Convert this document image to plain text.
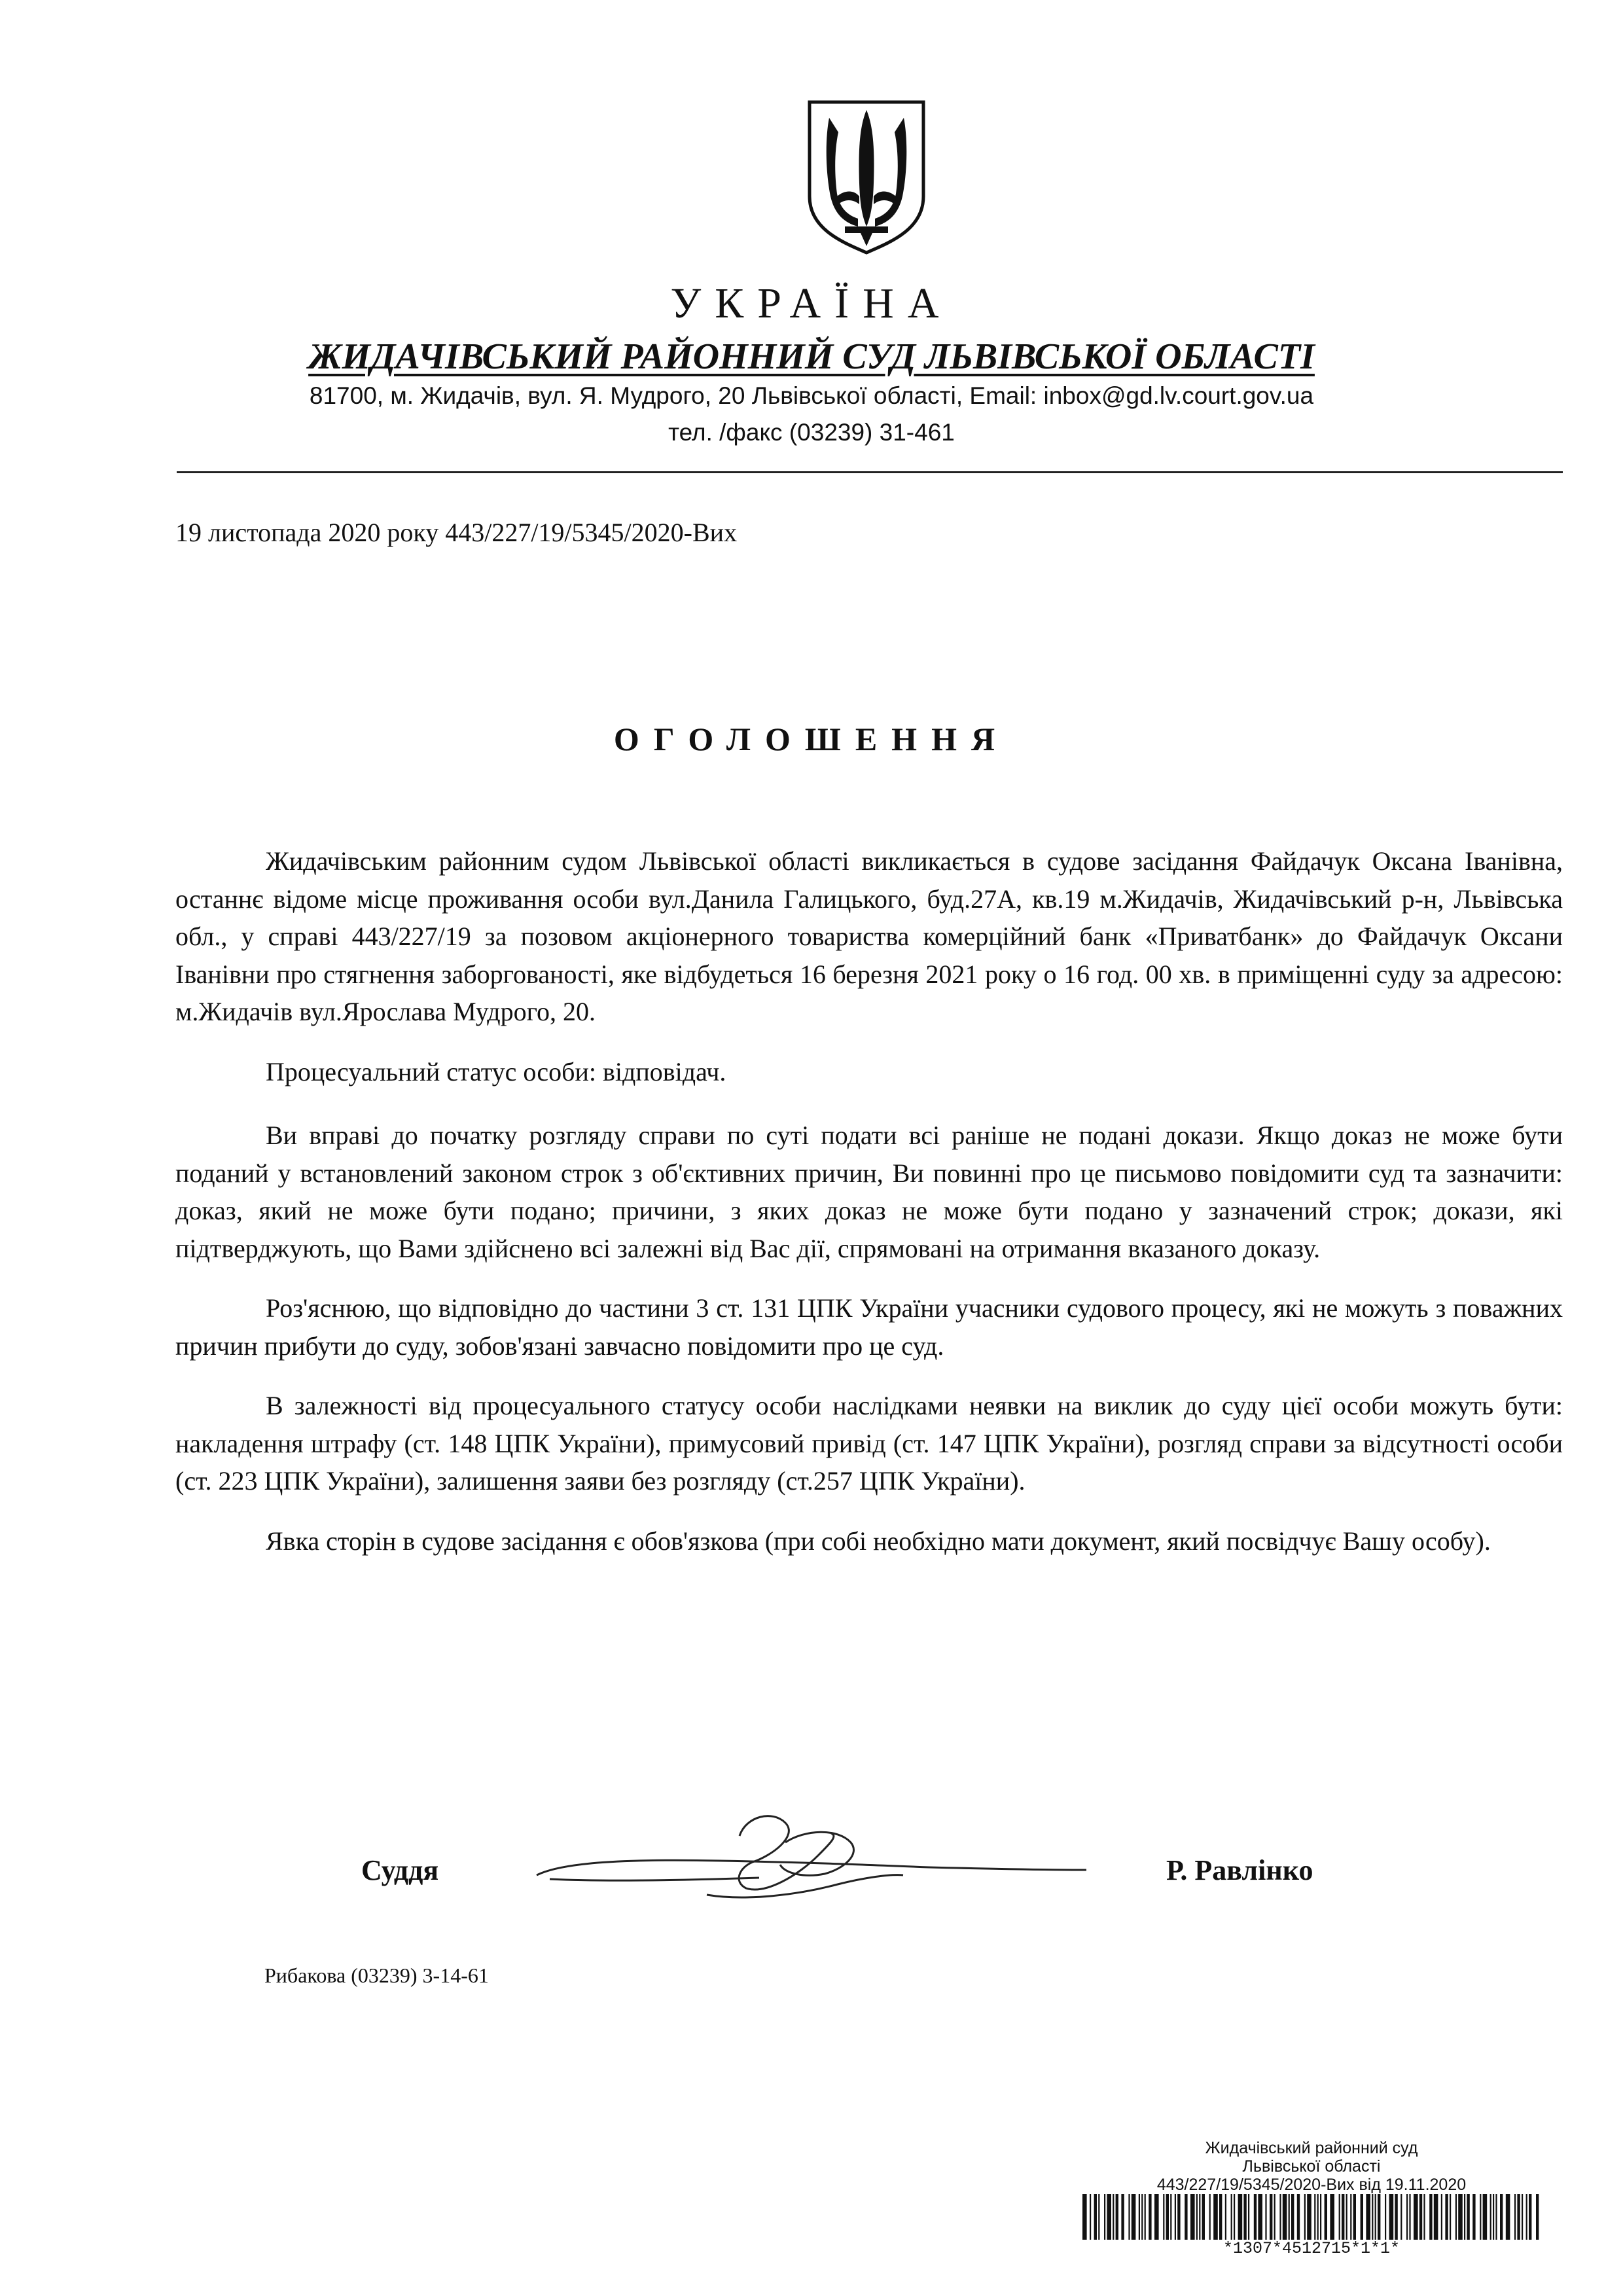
УКРАЇНА
ЖИДАЧІВСЬКИЙ РАЙОННИЙ СУД ЛЬВІВСЬКОЇ ОБЛАСТІ
81700, м. Жидачів, вул. Я. Мудрого, 20 Львівської області, Email: inbox@gd.lv.court.gov.ua
тел. /факс (03239) 31-461
19 листопада 2020 року 443/227/19/5345/2020-Вих
ОГОЛОШЕННЯ

Жидачівським районним судом Львівської області викликається в судове засідання Файдачук Оксана Іванівна, останнє відоме місце проживання особи вул.Данила Галицького, буд.27А, кв.19 м.Жидачів, Жидачівський р-н, Львівська обл., у справі 443/227/19 за позовом акціонерного товариства комерційний банк «Приватбанк» до Файдачук Оксани Іванівни про стягнення заборгованості, яке відбудеться 16 березня 2021 року о 16 год. 00 хв. в приміщенні суду за адресою: м.Жидачів вул.Ярослава Мудрого, 20.

Процесуальний статус особи: відповідач.

Ви вправі до початку розгляду справи по суті подати всі раніше не подані докази. Якщо доказ не може бути поданий у встановлений законом строк з об'єктивних причин, Ви повинні про це письмово повідомити суд та зазначити: доказ, який не може бути подано; причини, з яких доказ не може бути подано у зазначений строк; докази, які підтверджують, що Вами здійснено всі залежні від Вас дії, спрямовані на отримання вказаного доказу.

Роз'яснюю, що відповідно до частини 3 ст. 131 ЦПК України учасники судового процесу, які не можуть з поважних причин прибути до суду, зобов'язані завчасно повідомити про це суд.

В залежності від процесуального статусу особи наслідками неявки на виклик до суду цієї особи можуть бути: накладення штрафу (ст. 148 ЦПК України), примусовий привід (ст. 147 ЦПК України), розгляд справи за відсутності особи (ст. 223 ЦПК України), залишення заяви без розгляду (ст.257 ЦПК України).

Явка сторін в судове засідання є обов'язкова (при собі необхідно мати документ, який посвідчує Вашу особу).

Суддя	Р. Равлінко
Рибакова (03239) 3-14-61
Жидачівський районний суд
Львівської області
443/227/19/5345/2020-Вих від 19.11.2020
*1307*4512715*1*1*
